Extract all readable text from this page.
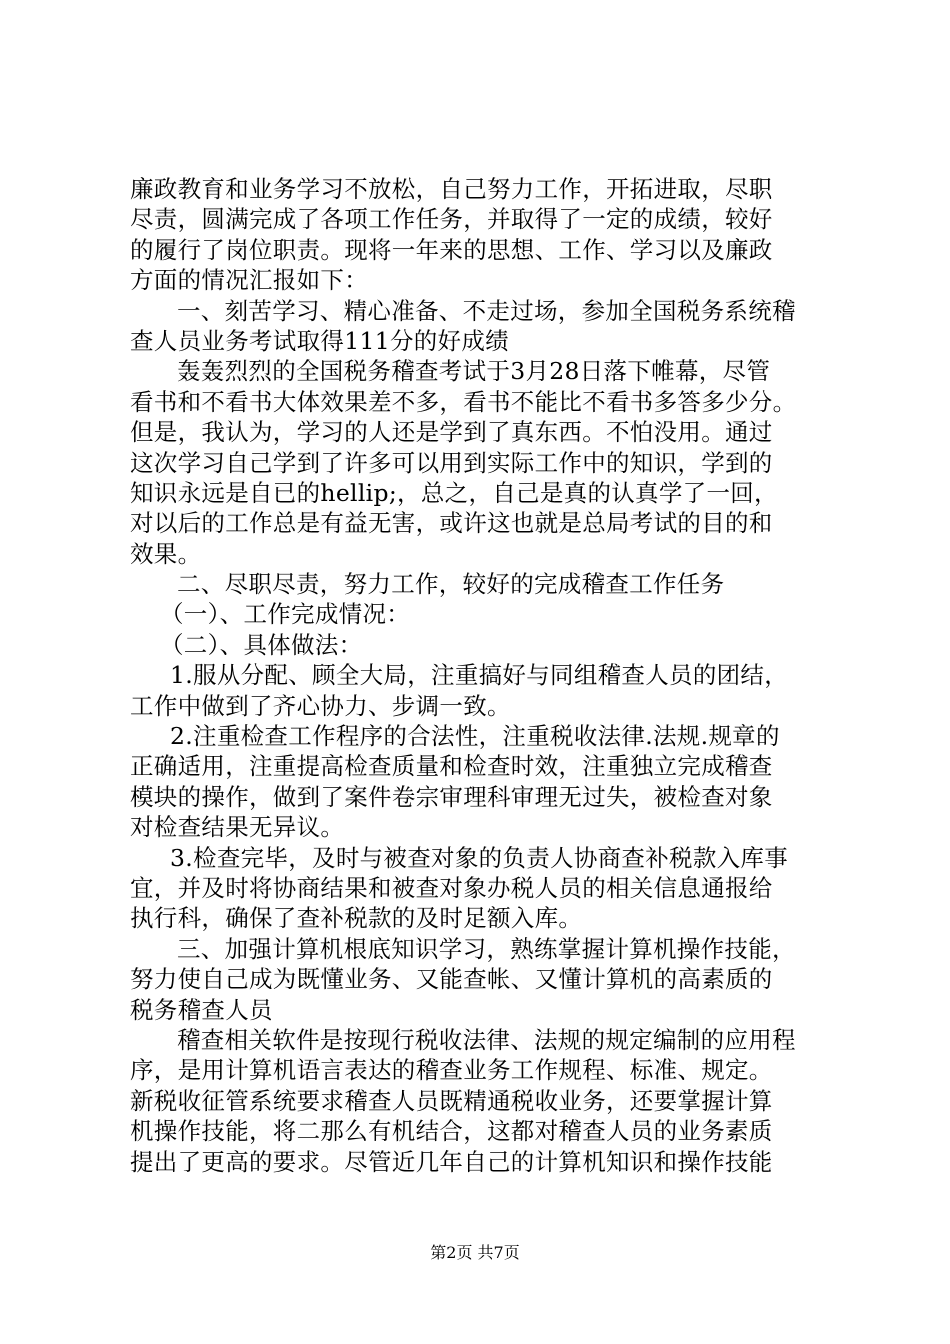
廉政教育和业务学习不放松，自己努力工作，开拓进取，尽职
尽责，圆满完成了各项工作任务，并取得了一定的成绩，较好
的履行了岗位职责。现将一年来的思想、工作、学习以及廉政
方面的情况汇报如下：
一、刻苦学习、精心准备、不走过场，参加全国税务系统稽
查人员业务考试取得111分的好成绩
轰轰烈烈的全国税务稽查考试于3月28日落下帷幕，尽管
看书和不看书大体效果差不多，看书不能比不看书多答多少分。
但是，我认为，学习的人还是学到了真东西。不怕没用。通过
这次学习自己学到了许多可以用到实际工作中的知识，学到的
知识永远是自已的hellip;，总之，自己是真的认真学了一回，
对以后的工作总是有益无害，或许这也就是总局考试的目的和
效果。
二、尽职尽责，努力工作，较好的完成稽查工作任务
（一）、工作完成情况：
（二）、具体做法：
1.服从分配、顾全大局，注重搞好与同组稽查人员的团结，
工作中做到了齐心协力、步调一致。
2.注重检查工作程序的合法性，注重税收法律.法规.规章的
正确适用，注重提高检查质量和检查时效，注重独立完成稽查
模块的操作，做到了案件卷宗审理科审理无过失，被检查对象
对检查结果无异议。
3.检查完毕，及时与被查对象的负责人协商查补税款入库事
宜，并及时将协商结果和被查对象办税人员的相关信息通报给
执行科，确保了查补税款的及时足额入库。
三、加强计算机根底知识学习，熟练掌握计算机操作技能，
努力使自己成为既懂业务、又能查帐、又懂计算机的高素质的
税务稽查人员
稽查相关软件是按现行税收法律、法规的规定编制的应用程
序，是用计算机语言表达的稽查业务工作规程、标准、规定。
新税收征管系统要求稽查人员既精通税收业务，还要掌握计算
机操作技能，将二那么有机结合，这都对稽查人员的业务素质
提出了更高的要求。尽管近几年自己的计算机知识和操作技能
第2页 共7页
